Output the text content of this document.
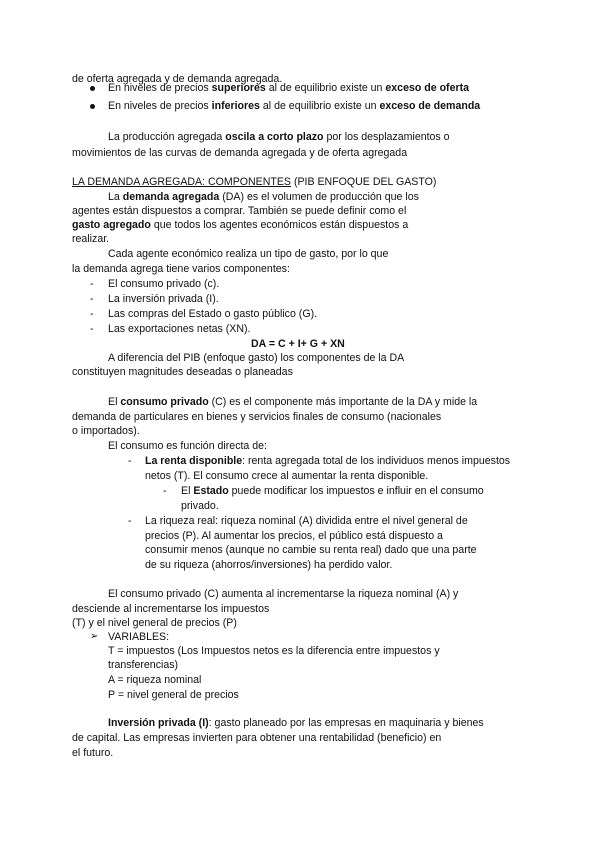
de oferta agregada y de demanda agregada.
En niveles de precios superiores al de equilibrio existe un exceso de oferta
En niveles de precios inferiores al de equilibrio existe un exceso de demanda
La producción agregada oscila a corto plazo por los desplazamientos o
movimientos de las curvas de demanda agregada y de oferta agregada
LA DEMANDA AGREGADA: COMPONENTES (PIB ENFOQUE DEL GASTO)
La demanda agregada (DA) es el volumen de producción que los
agentes están dispuestos a comprar. También se puede definir como el
gasto agregado que todos los agentes económicos están dispuestos a
realizar.
Cada agente económico realiza un tipo de gasto, por lo que
la demanda agrega tiene varios componentes:
- El consumo privado (c).
- La inversión privada (I).
- Las compras del Estado o gasto público (G).
- Las exportaciones netas (XN).
DA = C + I+ G + XN
A diferencia del PIB (enfoque gasto) los componentes de la DA
constituyen magnitudes deseadas o planeadas
El consumo privado (C) es el componente más importante de la DA y mide la
demanda de particulares en bienes y servicios finales de consumo (nacionales
o importados).
El consumo es función directa de:
- La renta disponible: renta agregada total de los individuos menos impuestos
netos (T). El consumo crece al aumentar la renta disponible.
- El Estado puede modificar los impuestos e influir en el consumo
privado.
- La riqueza real: riqueza nominal (A) dividida entre el nivel general de
precios (P). Al aumentar los precios, el público está dispuesto a
consumir menos (aunque no cambie su renta real) dado que una parte
de su riqueza (ahorros/inversiones) ha perdido valor.
El consumo privado (C) aumenta al incrementarse la riqueza nominal (A) y
desciende al incrementarse los impuestos
(T) y el nivel general de precios (P)
➢ VARIABLES:
T = impuestos (Los Impuestos netos es la diferencia entre impuestos y
transferencias)
A = riqueza nominal
P = nivel general de precios
Inversión privada (I): gasto planeado por las empresas en maquinaria y bienes
de capital. Las empresas invierten para obtener una rentabilidad (beneficio) en
el futuro.
